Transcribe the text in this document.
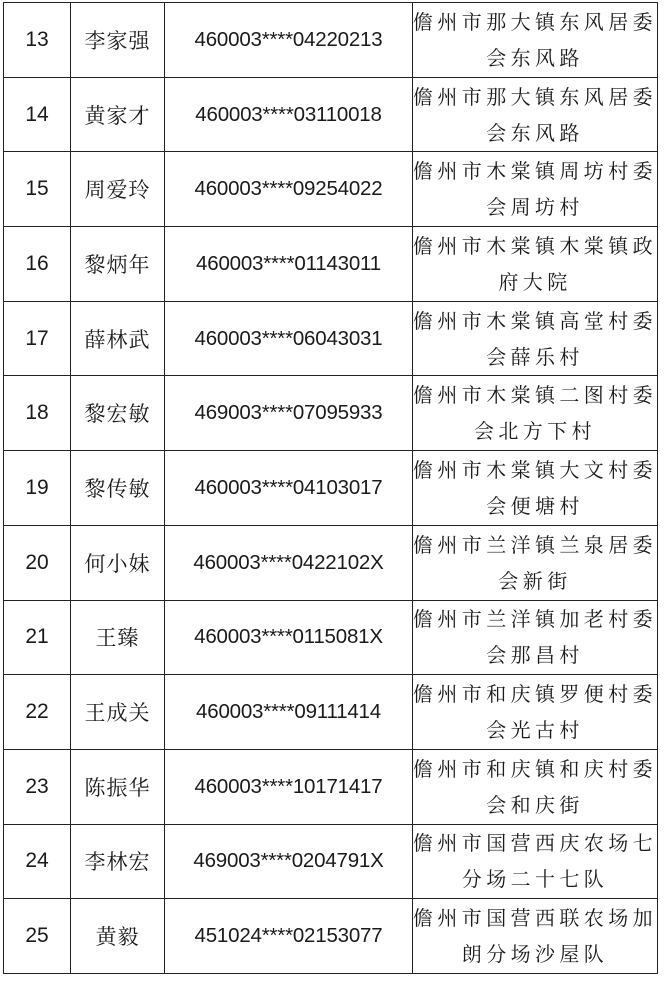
13	李家强	460003****04220213	儋州市那大镇东风居委
会东风路

14	黄家才	460003****03110018	儋州市那大镇东风居委
会东风路

15	周爱玲	460003****09254022	儋州市木棠镇周坊村委
会周坊村

16	黎炳年	460003****01143011	儋州市木棠镇木棠镇政
府大院

17	薛林武	460003****06043031	儋州市木棠镇高堂村委
会薛乐村

18	黎宏敏	469003****07095933	儋州市木棠镇二图村委
会北方下村

19	黎传敏	460003****04103017	儋州市木棠镇大文村委
会便塘村

20	何小妹	460003****0422102X	儋州市兰洋镇兰泉居委
会新街

21	王臻	460003****0115081X	儋州市兰洋镇加老村委
会那昌村

22	王成关	460003****09111414	儋州市和庆镇罗便村委
会光古村

23	陈振华	460003****10171417	儋州市和庆镇和庆村委
会和庆街

24	李林宏	469003****0204791X	儋州市国营西庆农场七
分场二十七队

25	黄毅	451024****02153077	儋州市国营西联农场加
朗分场沙屋队
